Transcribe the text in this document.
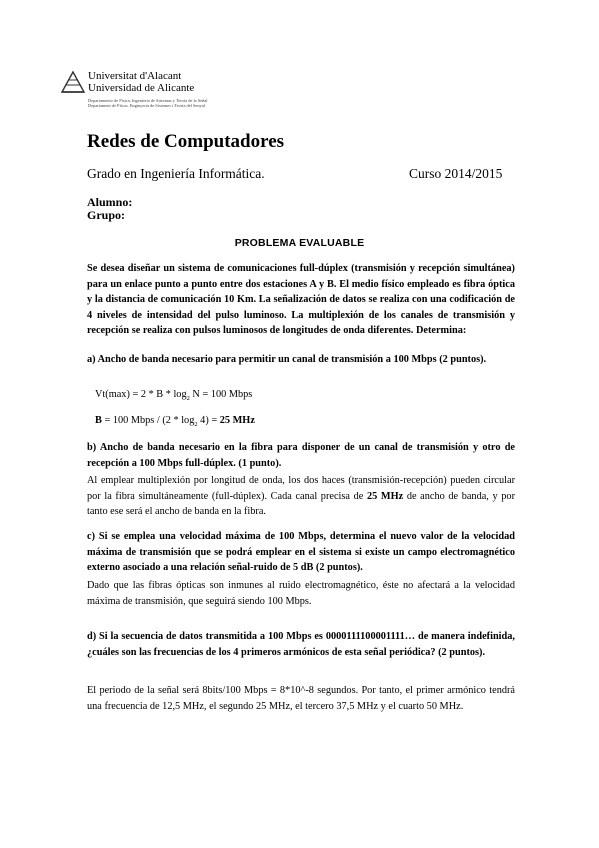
Universitat d'Alacant
Universidad de Alicante
Departamento de Física, Ingeniería de Sistemas y Teoría de la Señal
Departament de Física, Enginyeria de Sistemes i Teoria del Senyal
Redes de Computadores
Grado en Ingeniería Informática.	Curso 2014/2015
Alumno:
Grupo:
PROBLEMA EVALUABLE
Se desea diseñar un sistema de comunicaciones full-dúplex (transmisión y recepción simultánea) para un enlace punto a punto entre dos estaciones A y B. El medio físico empleado es fibra óptica y la distancia de comunicación 10 Km. La señalización de datos se realiza con una codificación de 4 niveles de intensidad del pulso luminoso. La multiplexión de los canales de transmisión y recepción se realiza con pulsos luminosos de longitudes de onda diferentes. Determina:
a) Ancho de banda necesario para permitir un canal de transmisión a 100 Mbps (2 puntos).
$Vt(\max) = 2 * B * \log_2 N = 100$ Mbps
B = 100 Mbps / $(2 * \log_2 4) = 25$ MHz
b) Ancho de banda necesario en la fibra para disponer de un canal de transmisión y otro de recepción a 100 Mbps full-dúplex. (1 punto).
Al emplear multiplexión por longitud de onda, los dos haces (transmisión-recepción) pueden circular por la fibra simultáneamente (full-dúplex). Cada canal precisa de 25 MHz de ancho de banda, y por tanto ese será el ancho de banda en la fibra.
c) Si se emplea una velocidad máxima de 100 Mbps, determina el nuevo valor de la velocidad máxima de transmisión que se podrá emplear en el sistema si existe un campo electromagnético externo asociado a una relación señal-ruido de 5 dB (2 puntos).
Dado que las fibras ópticas son inmunes al ruido electromagnético, éste no afectará a la velocidad máxima de transmisión, que seguirá siendo 100 Mbps.
d) Si la secuencia de datos transmitida a 100 Mbps es 0000111100001111… de manera indefinida, ¿cuáles son las frecuencias de los 4 primeros armónicos de esta señal periódica? (2 puntos).
El periodo de la señal será 8bits/100 Mbps = 8*10^-8 segundos. Por tanto, el primer armónico tendrá una frecuencia de 12,5 MHz, el segundo 25 MHz, el tercero 37,5 MHz y el cuarto 50 MHz.
